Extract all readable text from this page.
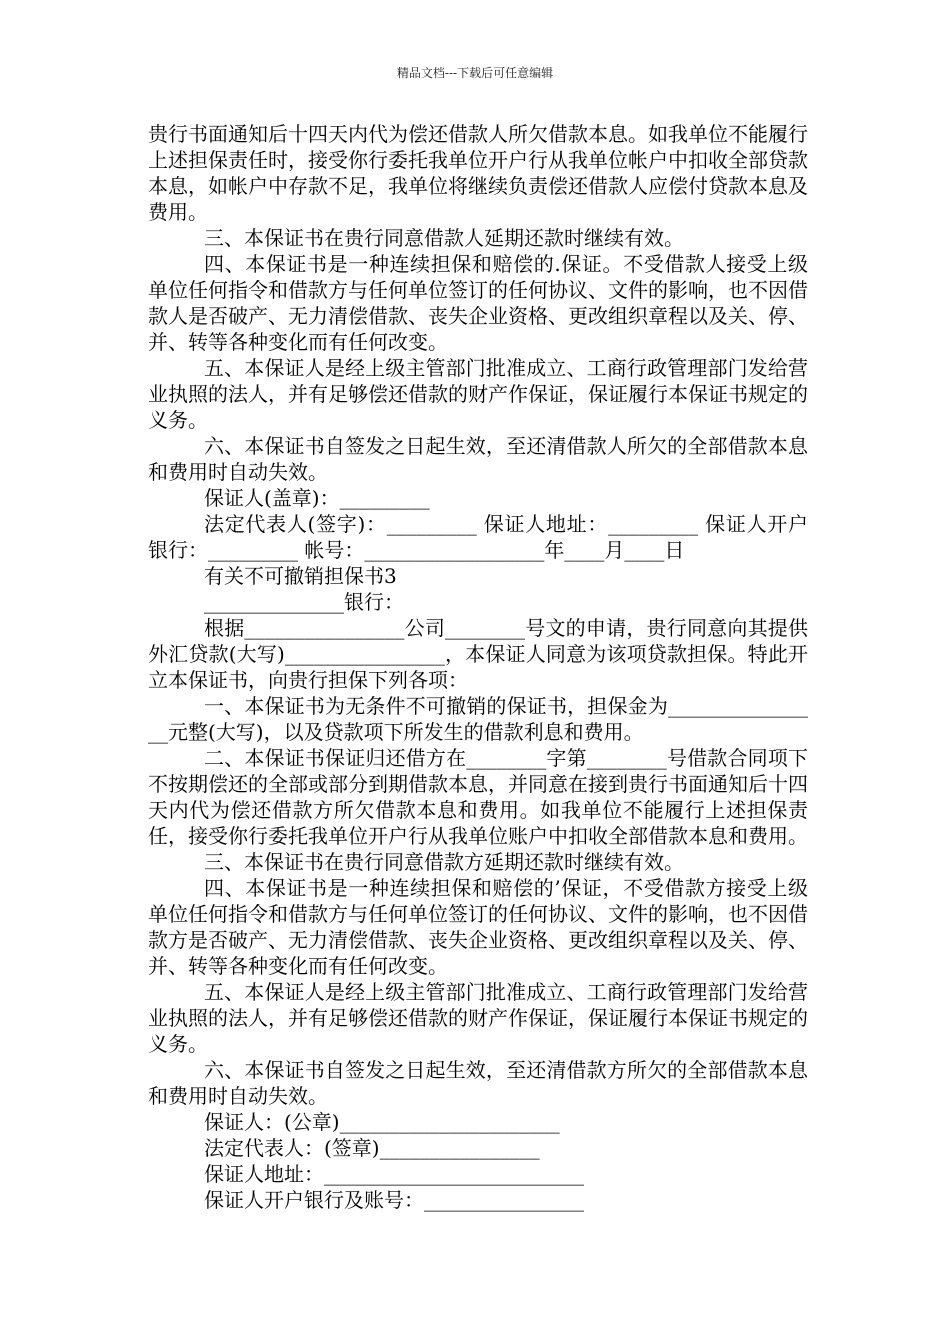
精品文档---下载后可任意编辑

贵行书面通知后十四天内代为偿还借款人所欠借款本息。如我单位不能履行上述担保责任时，接受你行委托我单位开户行从我单位帐户中扣收全部贷款本息，如帐户中存款不足，我单位将继续负责偿还借款人应偿付贷款本息及费用。

三、本保证书在贵行同意借款人延期还款时继续有效。

四、本保证书是一种连续担保和赔偿的.保证。不受借款人接受上级单位任何指令和借款方与任何单位签订的任何协议、文件的影响，也不因借款人是否破产、无力清偿借款、丧失企业资格、更改组织章程以及关、停、并、转等各种变化而有任何改变。

五、本保证人是经上级主管部门批准成立、工商行政管理部门发给营业执照的法人，并有足够偿还借款的财产作保证，保证履行本保证书规定的义务。

六、本保证书自签发之日起生效，至还清借款人所欠的全部借款本息和费用时自动失效。

保证人(盖章)：_________

法定代表人(签字)：_________ 保证人地址：_________ 保证人开户银行：_________ 帐号：__________________年____月____日

有关不可撤销担保书3

______________银行：

根据________________公司________号文的申请，贵行同意向其提供外汇贷款(大写)________________，本保证人同意为该项贷款担保。特此开立本保证书，向贵行担保下列各项：

一、本保证书为无条件不可撤销的保证书，担保金为________________元整(大写)，以及贷款项下所发生的借款利息和费用。

二、本保证书保证归还借方在________字第________号借款合同项下不按期偿还的全部或部分到期借款本息，并同意在接到贵行书面通知后十四天内代为偿还借款方所欠借款本息和费用。如我单位不能履行上述担保责任，接受你行委托我单位开户行从我单位账户中扣收全部借款本息和费用。

三、本保证书在贵行同意借款方延期还款时继续有效。

四、本保证书是一种连续担保和赔偿的’保证，不受借款方接受上级单位任何指令和借款方与任何单位签订的任何协议、文件的影响，也不因借款方是否破产、无力清偿借款、丧失企业资格、更改组织章程以及关、停、并、转等各种变化而有任何改变。

五、本保证人是经上级主管部门批准成立、工商行政管理部门发给营业执照的法人，并有足够偿还借款的财产作保证，保证履行本保证书规定的义务。

六、本保证书自签发之日起生效，至还清借款方所欠的全部借款本息和费用时自动失效。

保证人：(公章)______________________

法定代表人：(签章)________________

保证人地址：__________________________

保证人开户银行及账号：________________
